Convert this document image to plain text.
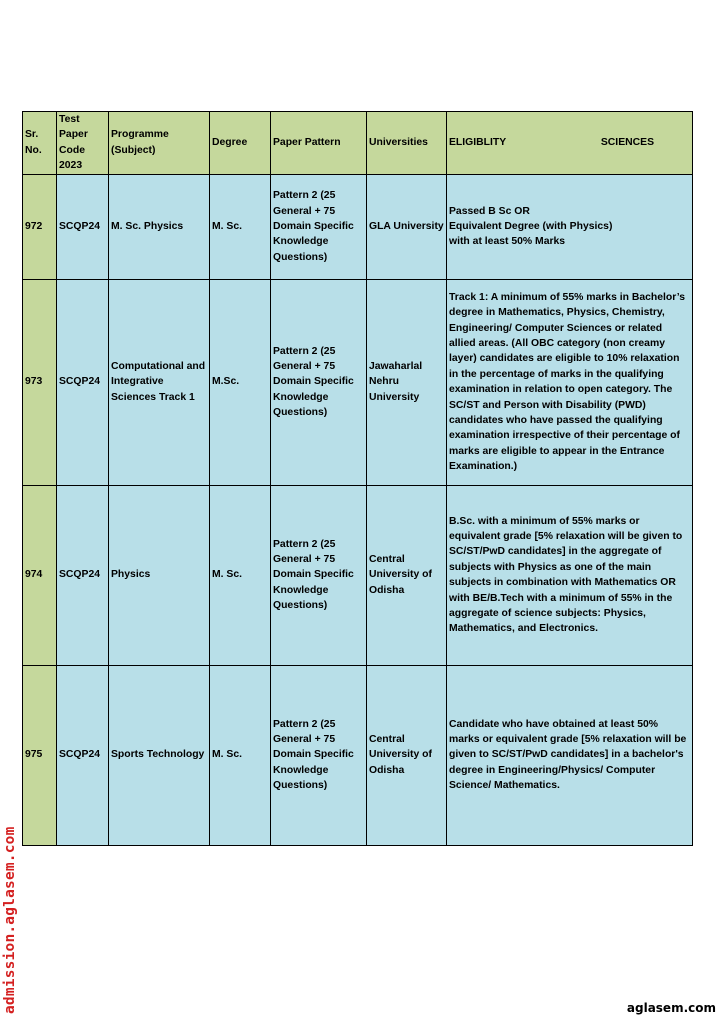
Sr. No.	Test Paper Code 2023	Programme (Subject)	Degree	Paper Pattern	Universities	ELIGIBLITY SCIENCES

972	SCQP24	M. Sc. Physics	M. Sc.	Pattern 2 (25 General + 75 Domain Specific Knowledge Questions)	GLA University	Passed B Sc OR
Equivalent Degree (with Physics)
with at least 50% Marks

973	SCQP24	Computational and Integrative Sciences Track 1	M.Sc.	Pattern 2 (25 General + 75 Domain Specific Knowledge Questions)	Jawaharlal Nehru University	Track 1: A minimum of 55% marks in Bachelor’s degree in Mathematics, Physics, Chemistry, Engineering/ Computer Sciences or related allied areas. (All OBC category (non creamy layer) candidates are eligible to 10% relaxation in the percentage of marks in the qualifying examination in relation to open category. The SC/ST and Person with Disability (PWD) candidates who have passed the qualifying examination irrespective of their percentage of marks are eligible to appear in the Entrance Examination.)

974	SCQP24	Physics	M. Sc.	Pattern 2 (25 General + 75 Domain Specific Knowledge Questions)	Central University of Odisha	B.Sc. with a minimum of 55% marks or equivalent grade [5% relaxation will be given to SC/ST/PwD candidates] in the aggregate of subjects with Physics as one of the main subjects in combination with Mathematics OR with BE/B.Tech with a minimum of 55% in the aggregate of science subjects: Physics, Mathematics, and Electronics.

975	SCQP24	Sports Technology	M. Sc.	Pattern 2 (25 General + 75 Domain Specific Knowledge Questions)	Central University of Odisha	Candidate who have obtained at least 50% marks or equivalent grade [5% relaxation will be given to SC/ST/PwD candidates] in a bachelor's degree in Engineering/Physics/ Computer Science/ Mathematics.
admission.aglasem.com	aglasem.com
